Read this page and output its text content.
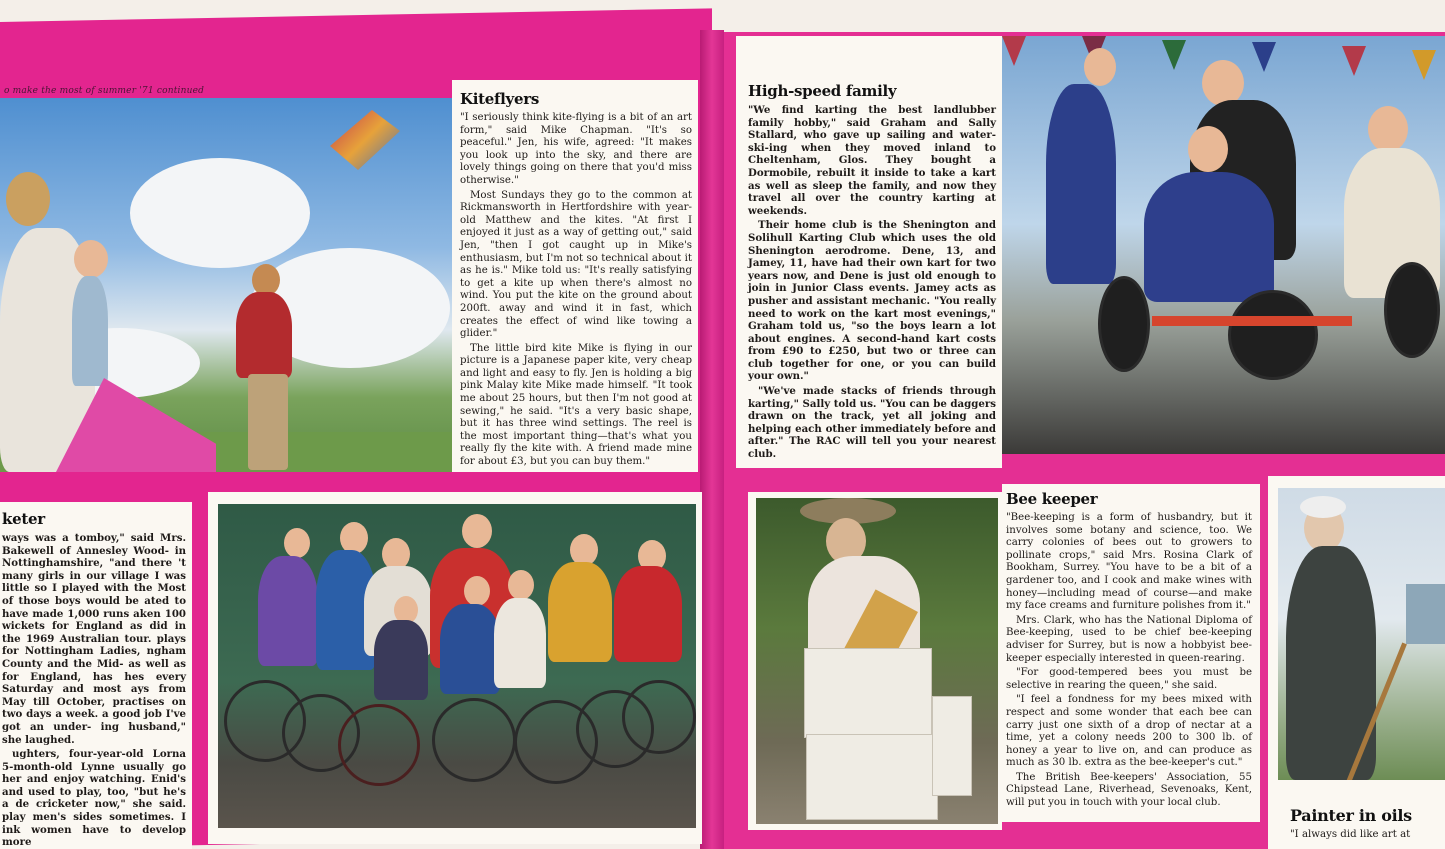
o make the most of summer '71 continued	Kiteflyers

"I seriously think kite-flying is a bit of an art form," said Mike Chapman. "It's so peaceful." Jen, his wife, agreed: "It makes you look up into the sky, and there are lovely things going on there that you'd miss otherwise."

Most Sundays they go to the common at Rickmansworth in Hertfordshire with year-old Matthew and the kites. "At first I enjoyed it just as a way of getting out," said Jen, "then I got caught up in Mike's enthusiasm, but I'm not so technical about it as he is." Mike told us: "It's really satisfying to get a kite up when there's almost no wind. You put the kite on the ground about 200ft. away and wind it in fast, which creates the effect of wind like towing a glider."

The little bird kite Mike is flying in our picture is a Japanese paper kite, very cheap and light and easy to fly. Jen is holding a big pink Malay kite Mike made himself. "It took me about 25 hours, but then I'm not good at sewing," he said. "It's a very basic shape, but it has three wind settings. The reel is the most important thing—that's what you really fly the kite with. A friend made mine for about £3, but you can buy them."

High-speed family

"We find karting the best landlubber family hobby," said Graham and Sally Stallard, who gave up sailing and water-ski-ing when they moved inland to Cheltenham, Glos. They bought a Dormobile, rebuilt it inside to take a kart as well as sleep the family, and now they travel all over the country karting at weekends.

Their home club is the Shenington and Solihull Karting Club which uses the old Shenington aerodrome. Dene, 13, and Jamey, 11, have had their own kart for two years now, and Dene is just old enough to join in Junior Class events. Jamey acts as pusher and assistant mechanic. "You really need to work on the kart most evenings," Graham told us, "so the boys learn a lot about engines. A second-hand kart costs from £90 to £250, but two or three can club together for one, or you can build your own."

"We've made stacks of friends through karting," Sally told us. "You can be daggers drawn on the track, yet all joking and helping each other immediately before and after." The RAC will tell you your nearest club.

keter

ways was a tomboy," said Mrs. Bakewell of Annesley Wood- in Nottinghamshire, "and there 't many girls in our village I was little so I played with the Most of those boys would be ated to have made 1,000 runs aken 100 wickets for England as did in the 1969 Australian tour. plays for Nottingham Ladies, ngham County and the Mid- as well as for England, has hes every Saturday and most ays from May till October, practises on two days a week. a good job I've got an under- ing husband," she laughed.

ughters, four-year-old Lorna 5-month-old Lynne usually go her and enjoy watching. Enid's and used to play, too, "but he's a de cricketer now," she said. play men's sides sometimes. I ink women have to develop more

Bee keeper

"Bee-keeping is a form of husbandry, but it involves some botany and science, too. We carry colonies of bees out to growers to pollinate crops," said Mrs. Rosina Clark of Bookham, Surrey. "You have to be a bit of a gardener too, and I cook and make wines with honey—including mead of course—and make my face creams and furniture polishes from it."

Mrs. Clark, who has the National Diploma of Bee-keeping, used to be chief bee-keeping adviser for Surrey, but is now a hobbyist bee-keeper especially interested in queen-rearing.

"For good-tempered bees you must be selective in rearing the queen," she said.

"I feel a fondness for my bees mixed with respect and some wonder that each bee can carry just one sixth of a drop of nectar at a time, yet a colony needs 200 to 300 lb. of honey a year to live on, and can produce as much as 30 lb. extra as the bee-keeper's cut."

The British Bee-keepers' Association, 55 Chipstead Lane, Riverhead, Sevenoaks, Kent, will put you in touch with your local club.

Painter in oils

"I always did like art at
